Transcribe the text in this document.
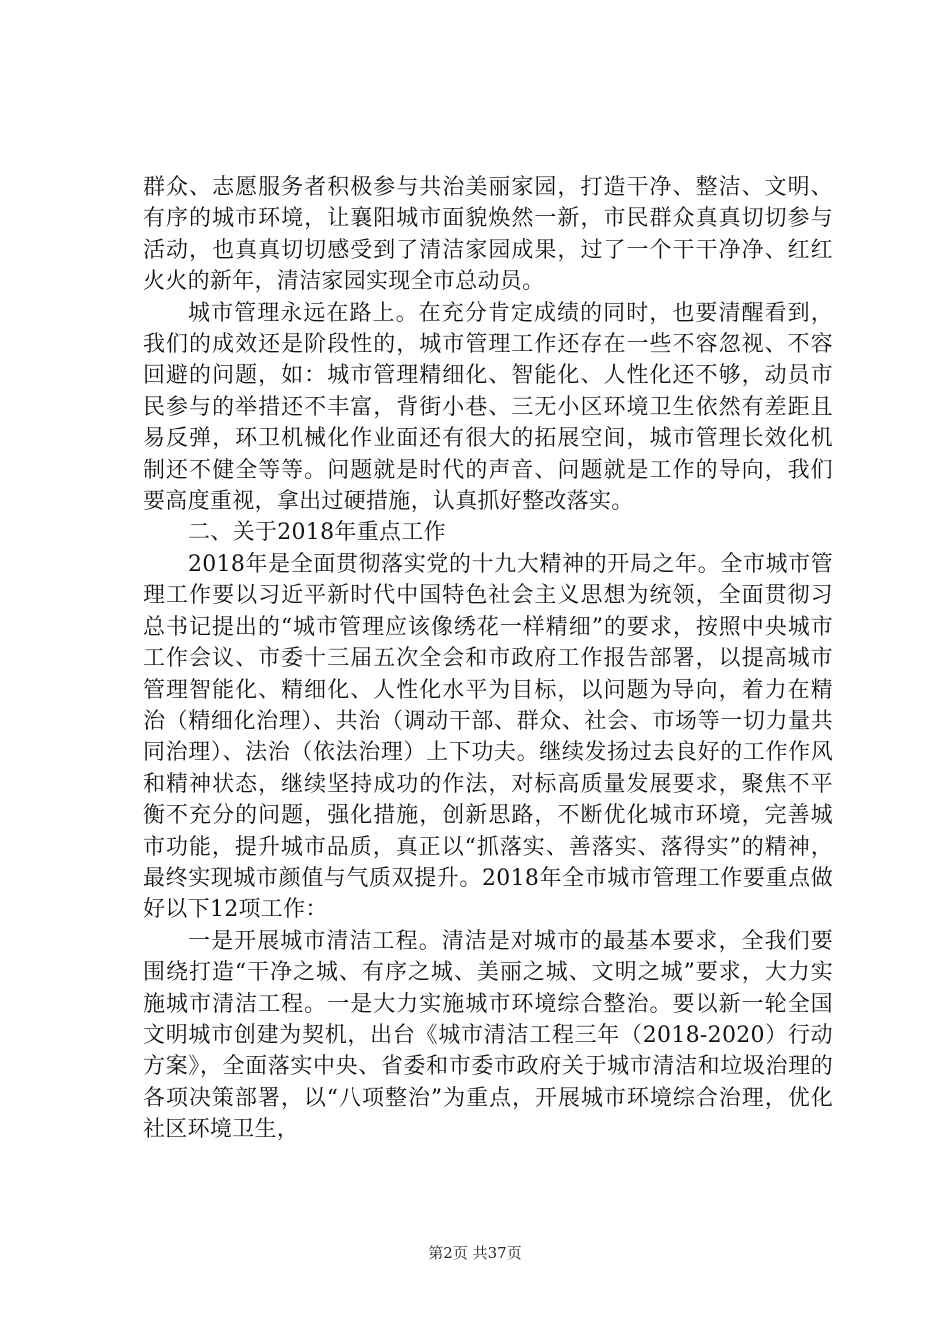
群众、志愿服务者积极参与共治美丽家园，打造干净、整洁、文明、有序的城市环境，让襄阳城市面貌焕然一新，市民群众真真切切参与活动，也真真切切感受到了清洁家园成果，过了一个干干净净、红红火火的新年，清洁家园实现全市总动员。

城市管理永远在路上。在充分肯定成绩的同时，也要清醒看到，我们的成效还是阶段性的，城市管理工作还存在一些不容忽视、不容回避的问题，如：城市管理精细化、智能化、人性化还不够，动员市民参与的举措还不丰富，背街小巷、三无小区环境卫生依然有差距且易反弹，环卫机械化作业面还有很大的拓展空间，城市管理长效化机制还不健全等等。问题就是时代的声音、问题就是工作的导向，我们要高度重视，拿出过硬措施，认真抓好整改落实。

二、关于2018年重点工作

2018年是全面贯彻落实党的十九大精神的开局之年。全市城市管理工作要以习近平新时代中国特色社会主义思想为统领，全面贯彻习总书记提出的“城市管理应该像绣花一样精细”的要求，按照中央城市工作会议、市委十三届五次全会和市政府工作报告部署，以提高城市管理智能化、精细化、人性化水平为目标，以问题为导向，着力在精治（精细化治理）、共治（调动干部、群众、社会、市场等一切力量共同治理）、法治（依法治理）上下功夫。继续发扬过去良好的工作作风和精神状态，继续坚持成功的作法，对标高质量发展要求，聚焦不平衡不充分的问题，强化措施，创新思路，不断优化城市环境，完善城市功能，提升城市品质，真正以“抓落实、善落实、落得实”的精神，最终实现城市颜值与气质双提升。2018年全市城市管理工作要重点做好以下12项工作：

一是开展城市清洁工程。清洁是对城市的最基本要求，全我们要围绕打造“干净之城、有序之城、美丽之城、文明之城”要求，大力实施城市清洁工程。一是大力实施城市环境综合整治。要以新一轮全国文明城市创建为契机，出台《城市清洁工程三年（2018-2020）行动方案》，全面落实中央、省委和市委市政府关于城市清洁和垃圾治理的各项决策部署，以“八项整治”为重点，开展城市环境综合治理，优化社区环境卫生，

第2页 共37页
